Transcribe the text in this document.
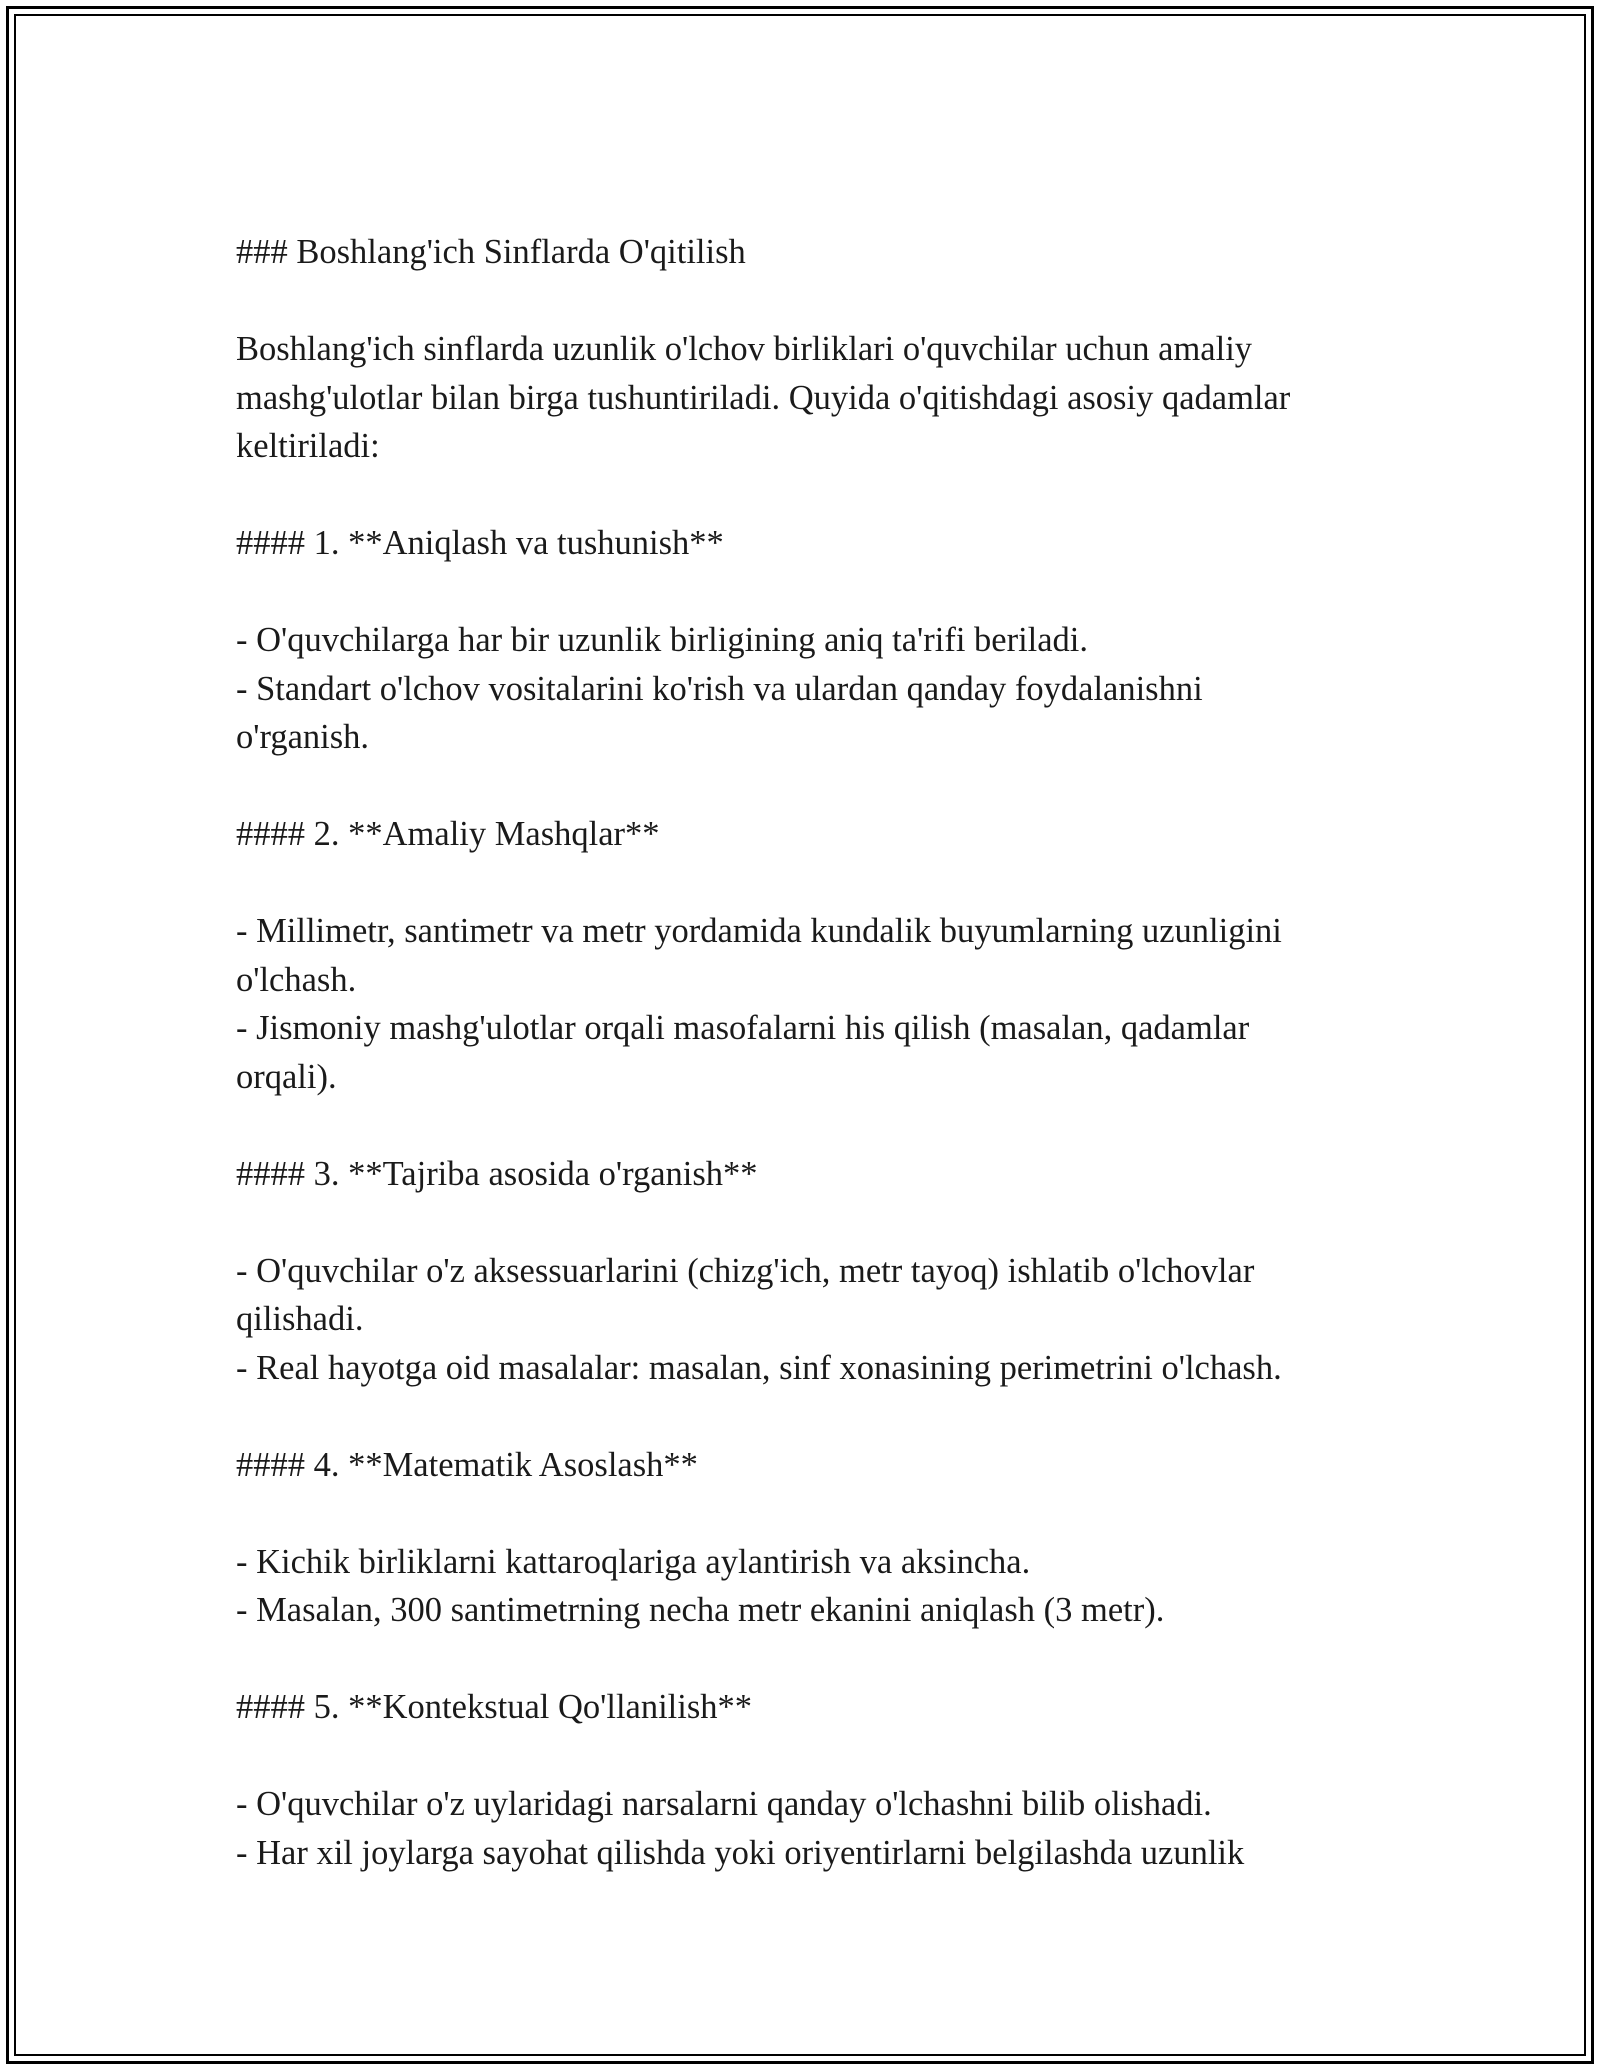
### Boshlang'ich Sinflarda O'qitilish
Boshlang'ich sinflarda uzunlik o'lchov birliklari o'quvchilar uchun amaliy
mashg'ulotlar bilan birga tushuntiriladi. Quyida o'qitishdagi asosiy qadamlar
keltiriladi:
#### 1. **Aniqlash va tushunish**
- O'quvchilarga har bir uzunlik birligining aniq ta'rifi beriladi.
- Standart o'lchov vositalarini ko'rish va ulardan qanday foydalanishni
o'rganish.
#### 2. **Amaliy Mashqlar**
- Millimetr, santimetr va metr yordamida kundalik buyumlarning uzunligini
o'lchash.
- Jismoniy mashg'ulotlar orqali masofalarni his qilish (masalan, qadamlar
orqali).
#### 3. **Tajriba asosida o'rganish**
- O'quvchilar o'z aksessuarlarini (chizg'ich, metr tayoq) ishlatib o'lchovlar
qilishadi.
- Real hayotga oid masalalar: masalan, sinf xonasining perimetrini o'lchash.
#### 4. **Matematik Asoslash**
- Kichik birliklarni kattaroqlariga aylantirish va aksincha.
- Masalan, 300 santimetrning necha metr ekanini aniqlash (3 metr).
#### 5. **Kontekstual Qo'llanilish**
- O'quvchilar o'z uylaridagi narsalarni qanday o'lchashni bilib olishadi.
- Har xil joylarga sayohat qilishda yoki oriyentirlarni belgilashda uzunlik
